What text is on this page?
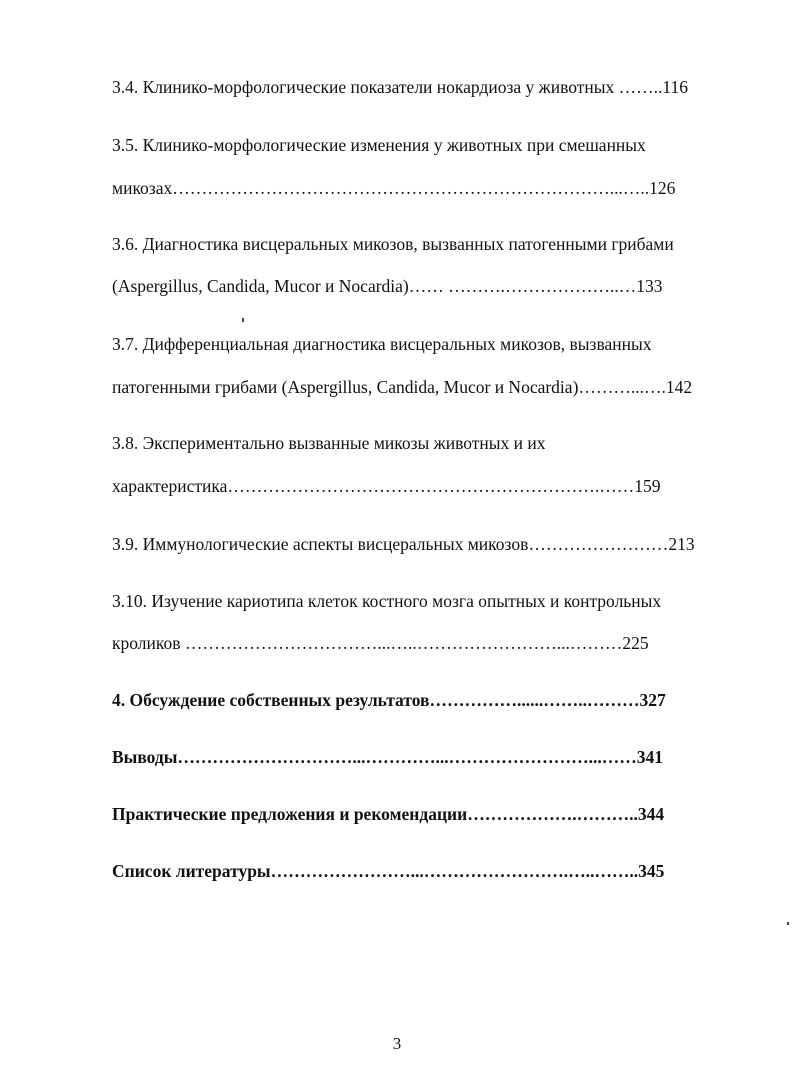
3.4. Клинико-морфологические показатели нокардиоза у животных ……..116
3.5. Клинико-морфологические изменения у животных при смешанных
микозах…………………………………………………………………...…..126
3.6. Диагностика висцеральных микозов, вызванных патогенными грибами
(Aspergillus, Candida, Mucor и Nocardia)…… ……….………………..…133
3.7. Дифференциальная диагностика висцеральных микозов, вызванных
патогенными грибами (Aspergillus, Candida, Mucor и Nocardia)………...….142
3.8. Экспериментально вызванные микозы животных и их
характеристика……………………………………………………….……159
3.9. Иммунологические аспекты висцеральных микозов……………………213
3.10. Изучение кариотипа клеток костного мозга опытных и контрольных
кроликов ……………………………...…..……………………...………225
4. Обсуждение собственных результатов……………......……..………327
Выводы…………………………...…………...……………………...……341
Практические предложения и рекомендации……………….………..344
Список литературы……………………...…………………….…..……..345
3
